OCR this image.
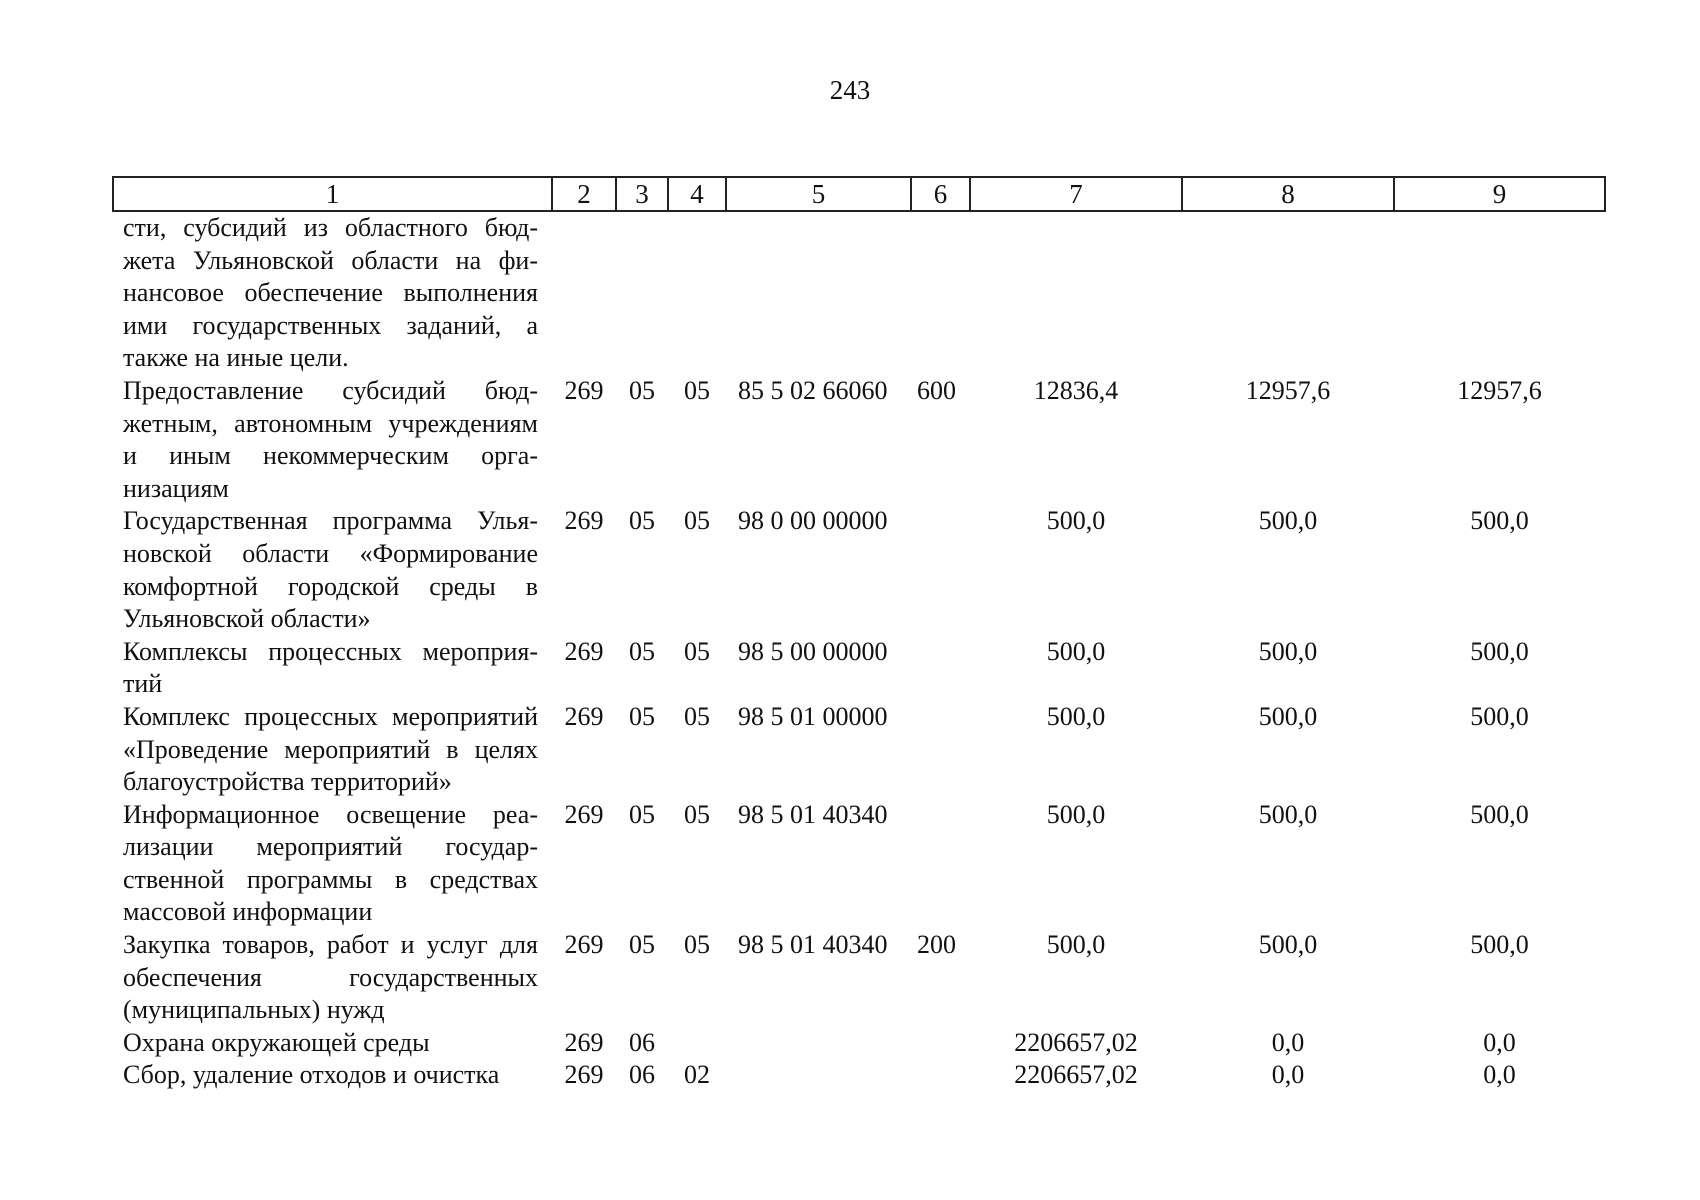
243
1	2	3	4	5	6	7	8	9
сти, субсидий из областного бюджета Ульяновской области на финансовое обеспечение выполнения ими государственных заданий, а также на иные цели.								
Предоставление субсидий бюджетным, автономным учреждениям и иным некоммерческим организациям	269	05	05	85 5 02 66060	600	12836,4	12957,6	12957,6
Государственная программа Ульяновской области «Формирование комфортной городской среды в Ульяновской области»	269	05	05	98 0 00 00000		500,0	500,0	500,0
Комплексы процессных мероприятий	269	05	05	98 5 00 00000		500,0	500,0	500,0
Комплекс процессных мероприятий «Проведение мероприятий в целях благоустройства территорий»	269	05	05	98 5 01 00000		500,0	500,0	500,0
Информационное освещение реализации мероприятий государственной программы в средствах массовой информации	269	05	05	98 5 01 40340		500,0	500,0	500,0
Закупка товаров, работ и услуг для обеспечения государственных (муниципальных) нужд	269	05	05	98 5 01 40340	200	500,0	500,0	500,0
Охрана окружающей среды	269	06				2206657,02	0,0	0,0
Сбор, удаление отходов и очистка	269	06	02			2206657,02	0,0	0,0
